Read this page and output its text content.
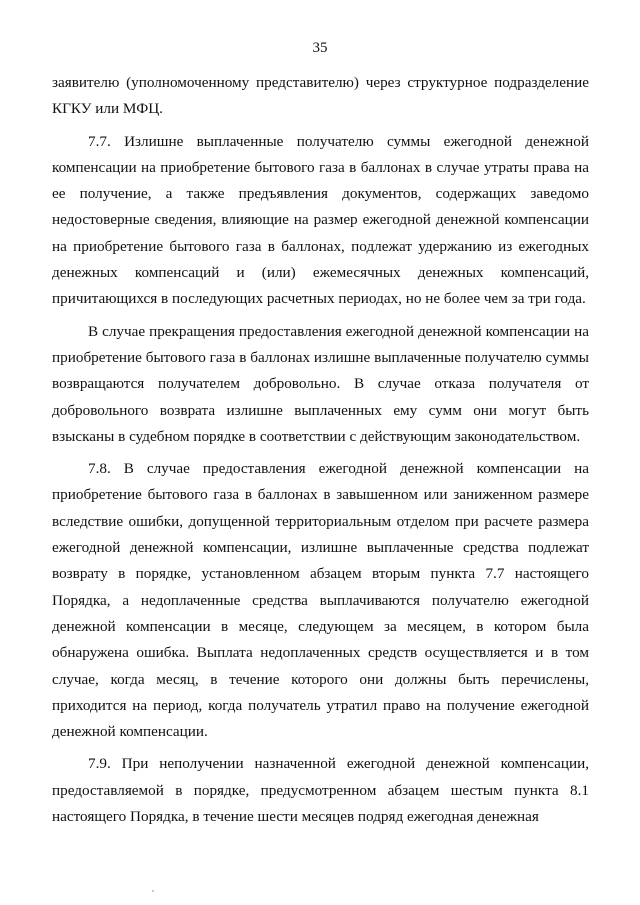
35

заявителю (уполномоченному представителю) через структурное подразделение КГКУ или МФЦ.

7.7. Излишне выплаченные получателю суммы ежегодной денежной компенсации на приобретение бытового газа в баллонах в случае утраты права на ее получение, а также предъявления документов, содержащих заведомо недостоверные сведения, влияющие на размер ежегодной денежной компенсации на приобретение бытового газа в баллонах, подлежат удержанию из ежегодных денежных компенсаций и (или) ежемесячных денежных компенсаций, причитающихся в последующих расчетных периодах, но не более чем за три года.

В случае прекращения предоставления ежегодной денежной компенсации на приобретение бытового газа в баллонах излишне выплаченные получателю суммы возвращаются получателем добровольно. В случае отказа получателя от добровольного возврата излишне выплаченных ему сумм они могут быть взысканы в судебном порядке в соответствии с действующим законодательством.

7.8. В случае предоставления ежегодной денежной компенсации на приобретение бытового газа в баллонах в завышенном или заниженном размере вследствие ошибки, допущенной территориальным отделом при расчете размера ежегодной денежной компенсации, излишне выплаченные средства подлежат возврату в порядке, установленном абзацем вторым пункта 7.7 настоящего Порядка, а недоплаченные средства выплачиваются получателю ежегодной денежной компенсации в месяце, следующем за месяцем, в котором была обнаружена ошибка. Выплата недоплаченных средств осуществляется и в том случае, когда месяц, в течение которого они должны быть перечислены, приходится на период, когда получатель утратил право на получение ежегодной денежной компенсации.

7.9. При неполучении назначенной ежегодной денежной компенсации, предоставляемой в порядке, предусмотренном абзацем шестым пункта 8.1 настоящего Порядка, в течение шести месяцев подряд ежегодная денежная
